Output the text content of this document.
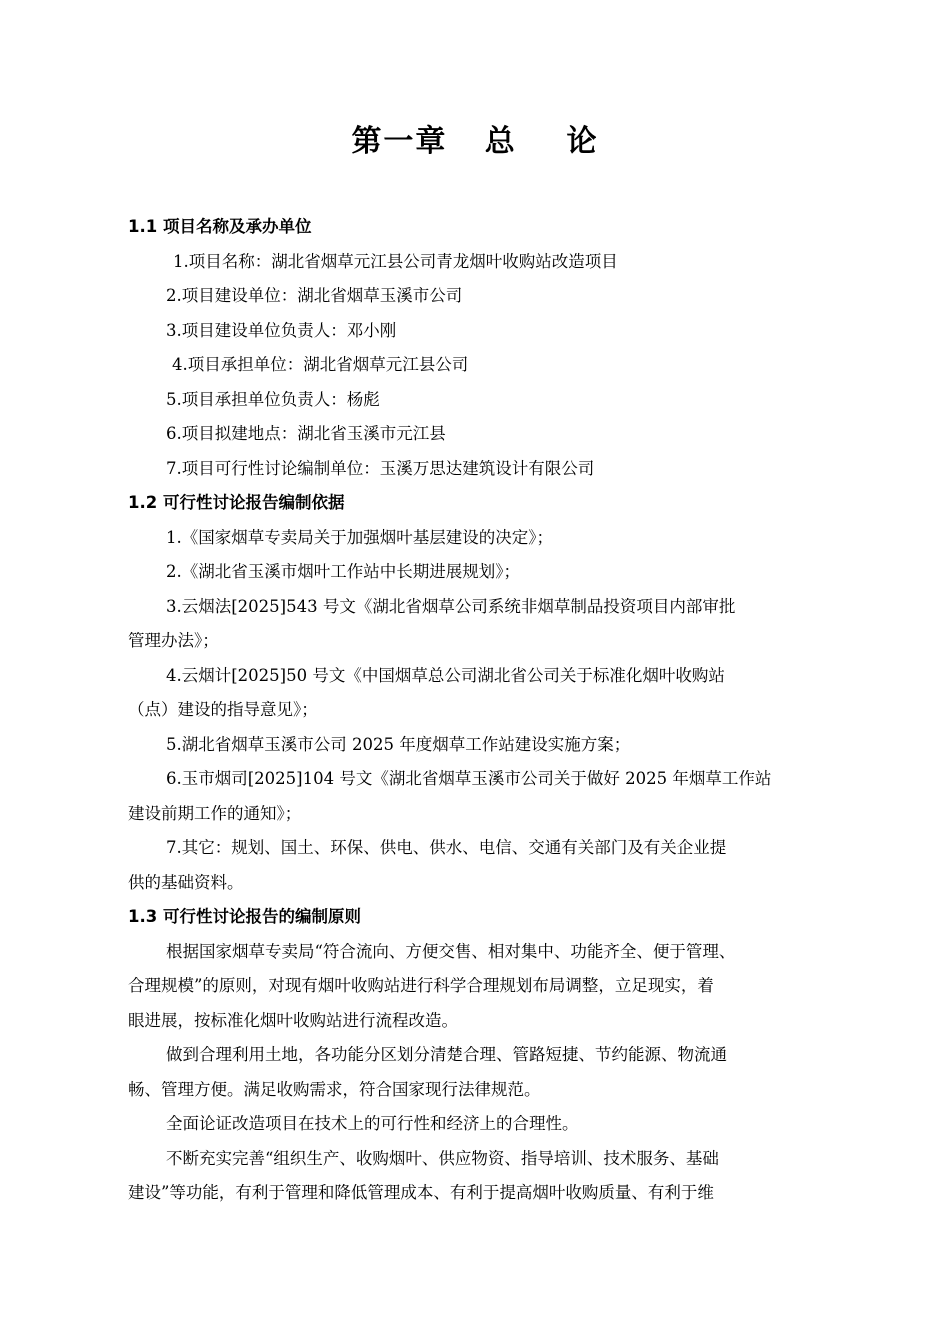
第一章   总    论
1.1 项目名称及承办单位
1.项目名称：湖北省烟草元江县公司青龙烟叶收购站改造项目
2.项目建设单位：湖北省烟草玉溪市公司
3.项目建设单位负责人：邓小刚
4.项目承担单位：湖北省烟草元江县公司
5.项目承担单位负责人：杨彪
6.项目拟建地点：湖北省玉溪市元江县
7.项目可行性讨论编制单位：玉溪万思达建筑设计有限公司
1.2 可行性讨论报告编制依据
1.《国家烟草专卖局关于加强烟叶基层建设的决定》；
2.《湖北省玉溪市烟叶工作站中长期进展规划》；
3.云烟法[2025]543 号文《湖北省烟草公司系统非烟草制品投资项目内部审批
管理办法》；
4.云烟计[2025]50 号文《中国烟草总公司湖北省公司关于标准化烟叶收购站
（点）建设的指导意见》；
5.湖北省烟草玉溪市公司 2025 年度烟草工作站建设实施方案；
6.玉市烟司[2025]104 号文《湖北省烟草玉溪市公司关于做好 2025 年烟草工作站
建设前期工作的通知》；
7.其它：规划、国土、环保、供电、供水、电信、交通有关部门及有关企业提
供的基础资料。
1.3 可行性讨论报告的编制原则
根据国家烟草专卖局“符合流向、方便交售、相对集中、功能齐全、便于管理、
合理规模”的原则，对现有烟叶收购站进行科学合理规划布局调整，立足现实，着
眼进展，按标准化烟叶收购站进行流程改造。
做到合理利用土地，各功能分区划分清楚合理、管路短捷、节约能源、物流通
畅、管理方便。满足收购需求，符合国家现行法律规范。
全面论证改造项目在技术上的可行性和经济上的合理性。
不断充实完善“组织生产、收购烟叶、供应物资、指导培训、技术服务、基础
建设”等功能，有利于管理和降低管理成本、有利于提高烟叶收购质量、有利于维
